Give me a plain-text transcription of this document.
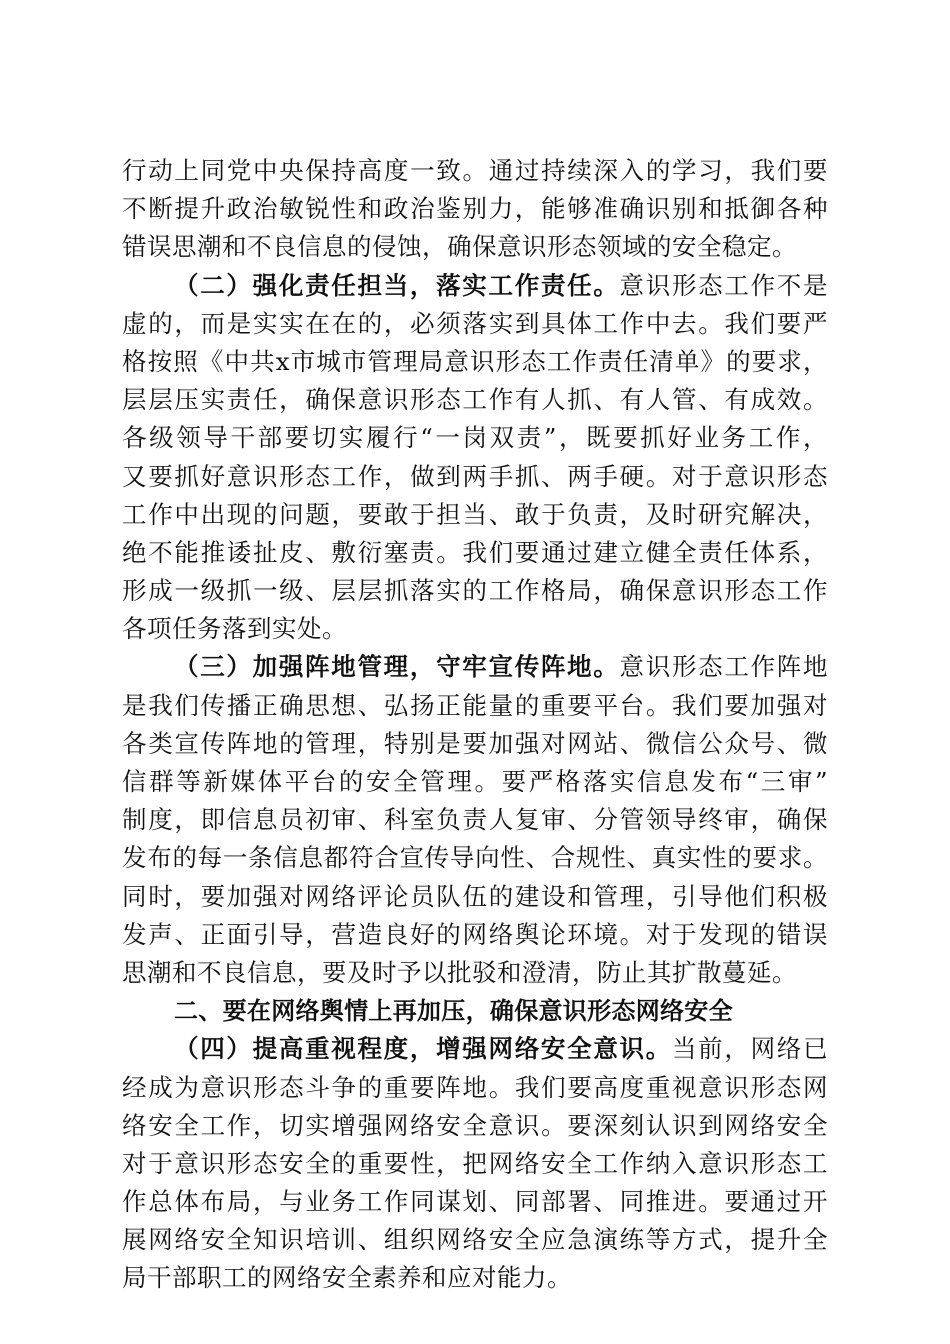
行动上同党中央保持高度一致。通过持续深入的学习，我们要
不断提升政治敏锐性和政治鉴别力，能够准确识别和抵御各种
错误思潮和不良信息的侵蚀，确保意识形态领域的安全稳定。
（二）强化责任担当，落实工作责任。意识形态工作不是
虚的，而是实实在在的，必须落实到具体工作中去。我们要严
格按照《中共x市城市管理局意识形态工作责任清单》的要求，
层层压实责任，确保意识形态工作有人抓、有人管、有成效。
各级领导干部要切实履行“一岗双责”，既要抓好业务工作，
又要抓好意识形态工作，做到两手抓、两手硬。对于意识形态
工作中出现的问题，要敢于担当、敢于负责，及时研究解决，
绝不能推诿扯皮、敷衍塞责。我们要通过建立健全责任体系，
形成一级抓一级、层层抓落实的工作格局，确保意识形态工作
各项任务落到实处。
（三）加强阵地管理，守牢宣传阵地。意识形态工作阵地
是我们传播正确思想、弘扬正能量的重要平台。我们要加强对
各类宣传阵地的管理，特别是要加强对网站、微信公众号、微
信群等新媒体平台的安全管理。要严格落实信息发布“三审”
制度，即信息员初审、科室负责人复审、分管领导终审，确保
发布的每一条信息都符合宣传导向性、合规性、真实性的要求。
同时，要加强对网络评论员队伍的建设和管理，引导他们积极
发声、正面引导，营造良好的网络舆论环境。对于发现的错误
思潮和不良信息，要及时予以批驳和澄清，防止其扩散蔓延。
二、要在网络舆情上再加压，确保意识形态网络安全
（四）提高重视程度，增强网络安全意识。当前，网络已
经成为意识形态斗争的重要阵地。我们要高度重视意识形态网
络安全工作，切实增强网络安全意识。要深刻认识到网络安全
对于意识形态安全的重要性，把网络安全工作纳入意识形态工
作总体布局，与业务工作同谋划、同部署、同推进。要通过开
展网络安全知识培训、组织网络安全应急演练等方式，提升全
局干部职工的网络安全素养和应对能力。
